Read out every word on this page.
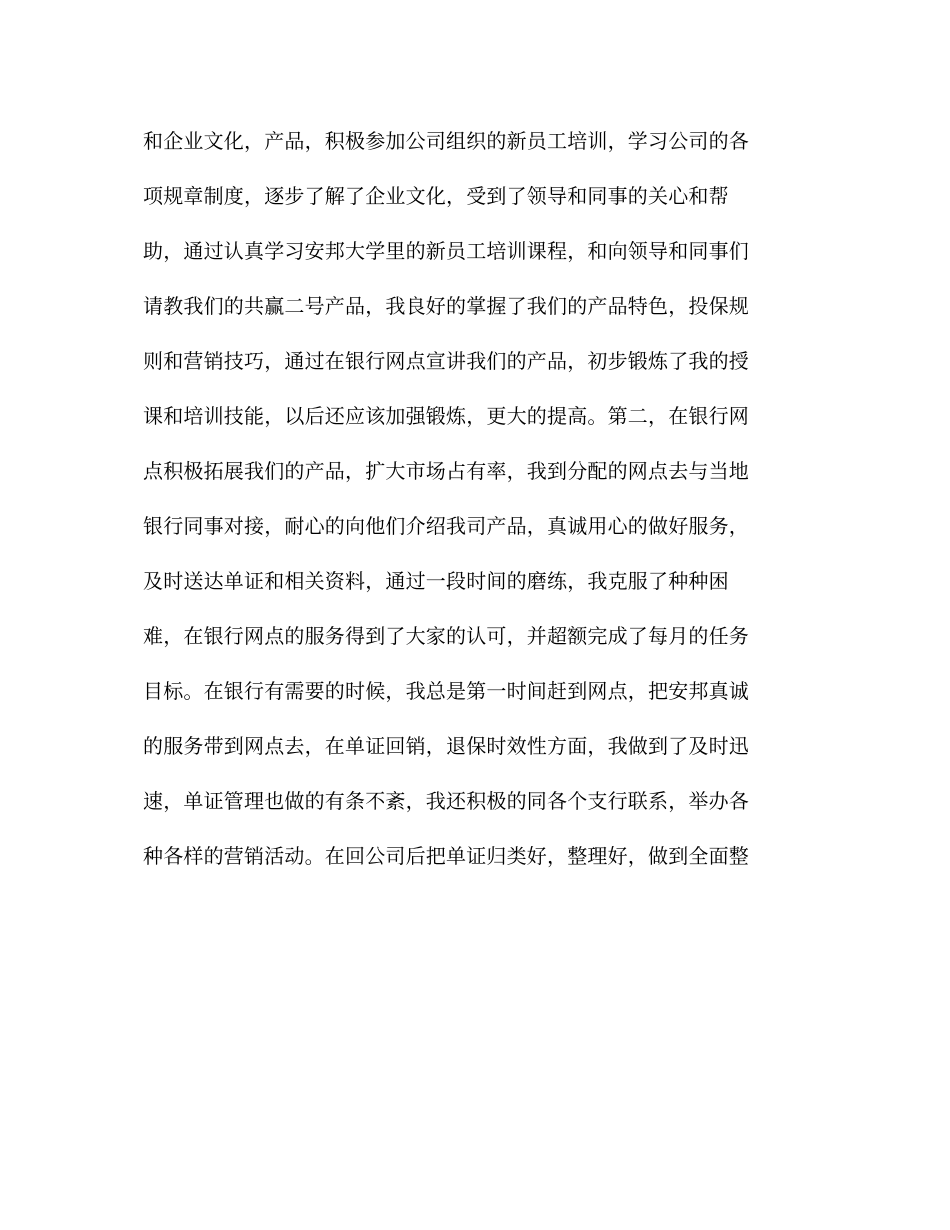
和企业文化，产品，积极参加公司组织的新员工培训，学习公司的各
项规章制度，逐步了解了企业文化，受到了领导和同事的关心和帮
助，通过认真学习安邦大学里的新员工培训课程，和向领导和同事们
请教我们的共赢二号产品，我良好的掌握了我们的产品特色，投保规
则和营销技巧，通过在银行网点宣讲我们的产品，初步锻炼了我的授
课和培训技能，以后还应该加强锻炼，更大的提高。第二，在银行网
点积极拓展我们的产品，扩大市场占有率，我到分配的网点去与当地
银行同事对接，耐心的向他们介绍我司产品，真诚用心的做好服务，
及时送达单证和相关资料，通过一段时间的磨练，我克服了种种困
难，在银行网点的服务得到了大家的认可，并超额完成了每月的任务
目标。在银行有需要的时候，我总是第一时间赶到网点，把安邦真诚
的服务带到网点去，在单证回销，退保时效性方面，我做到了及时迅
速，单证管理也做的有条不紊，我还积极的同各个支行联系，举办各
种各样的营销活动。在回公司后把单证归类好，整理好，做到全面整
